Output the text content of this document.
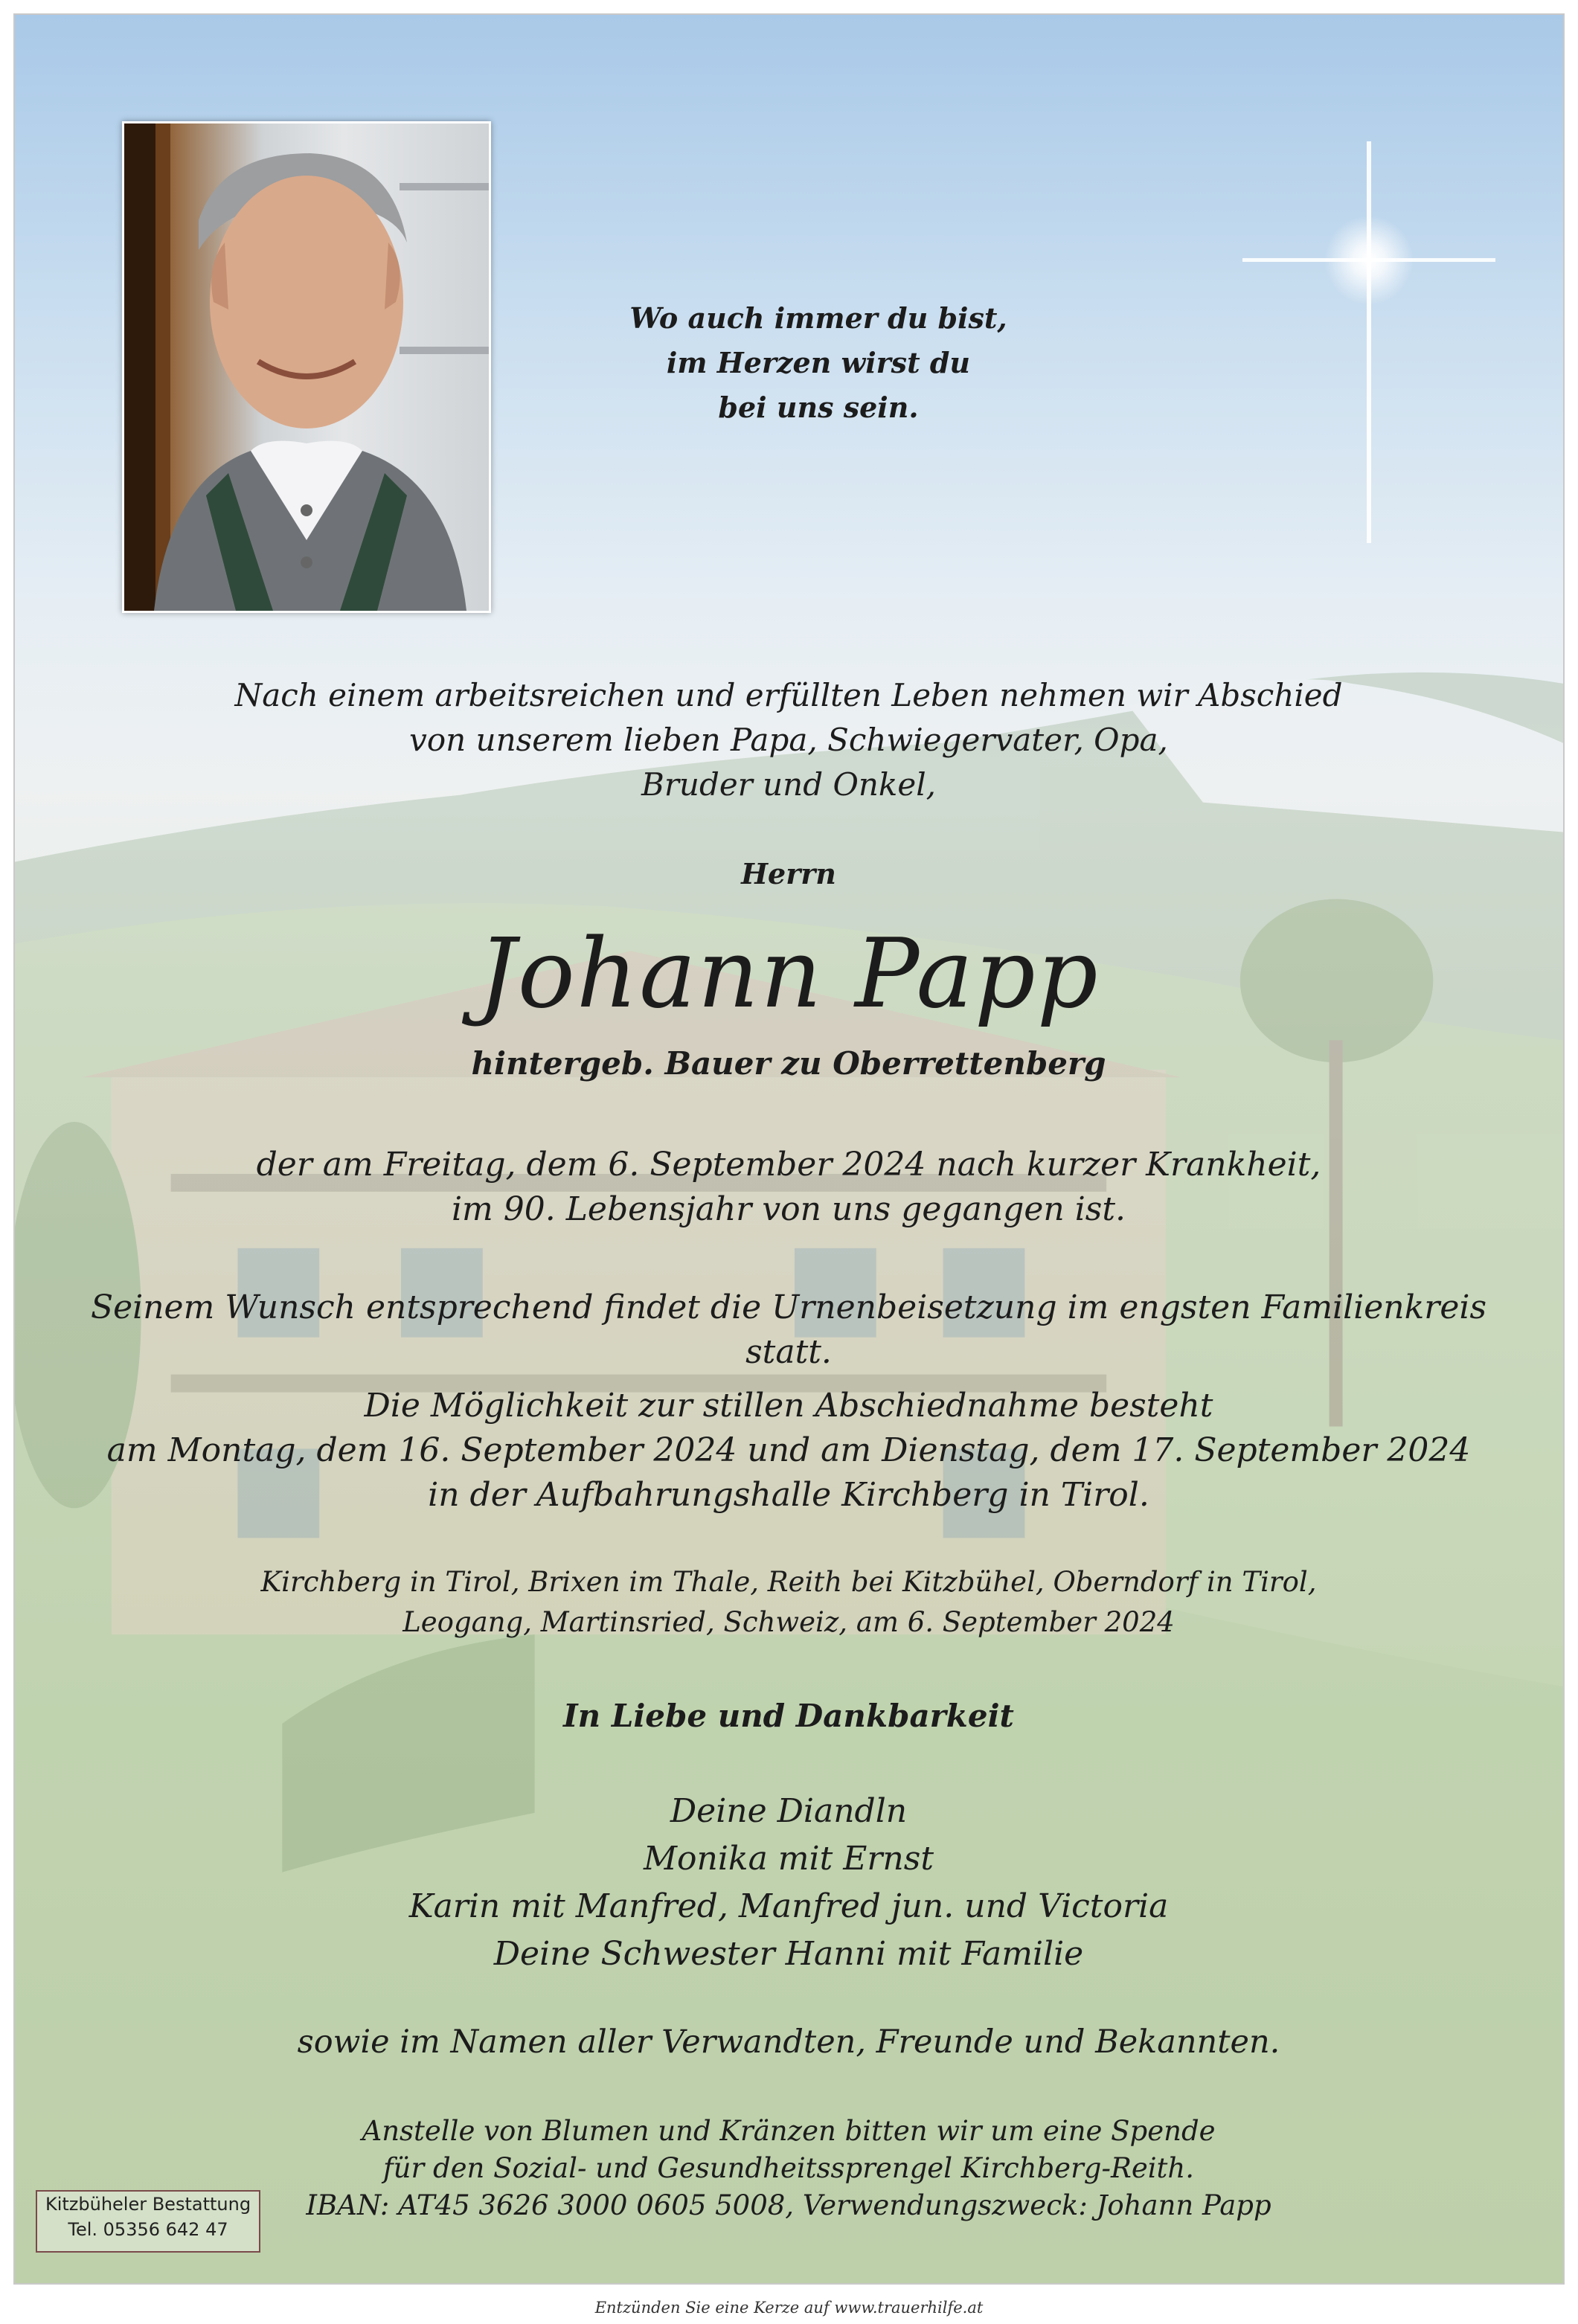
Wo auch immer du bist,
im Herzen wirst du
bei uns sein.
Nach einem arbeitsreichen und erfüllten Leben nehmen wir Abschied
von unserem lieben Papa, Schwiegervater, Opa,
Bruder und Onkel,
Herrn
Johann Papp
hintergeb. Bauer zu Oberrettenberg
der am Freitag, dem 6. September 2024 nach kurzer Krankheit,
im 90. Lebensjahr von uns gegangen ist.
Seinem Wunsch entsprechend findet die Urnenbeisetzung im engsten Familienkreis statt.
Die Möglichkeit zur stillen Abschiednahme besteht
am Montag, dem 16. September 2024 und am Dienstag, dem 17. September 2024
in der Aufbahrungshalle Kirchberg in Tirol.
Kirchberg in Tirol, Brixen im Thale, Reith bei Kitzbühel, Oberndorf in Tirol,
Leogang, Martinsried, Schweiz, am 6. September 2024
In Liebe und Dankbarkeit
Deine Diandln
Monika mit Ernst
Karin mit Manfred, Manfred jun. und Victoria
Deine Schwester Hanni mit Familie
sowie im Namen aller Verwandten, Freunde und Bekannten.
Anstelle von Blumen und Kränzen bitten wir um eine Spende
für den Sozial- und Gesundheitssprengel Kirchberg-Reith.
IBAN: AT45 3626 3000 0605 5008, Verwendungszweck: Johann Papp
Kitzbüheler Bestattung
Tel. 05356 642 47
Entzünden Sie eine Kerze auf www.trauerhilfe.at
